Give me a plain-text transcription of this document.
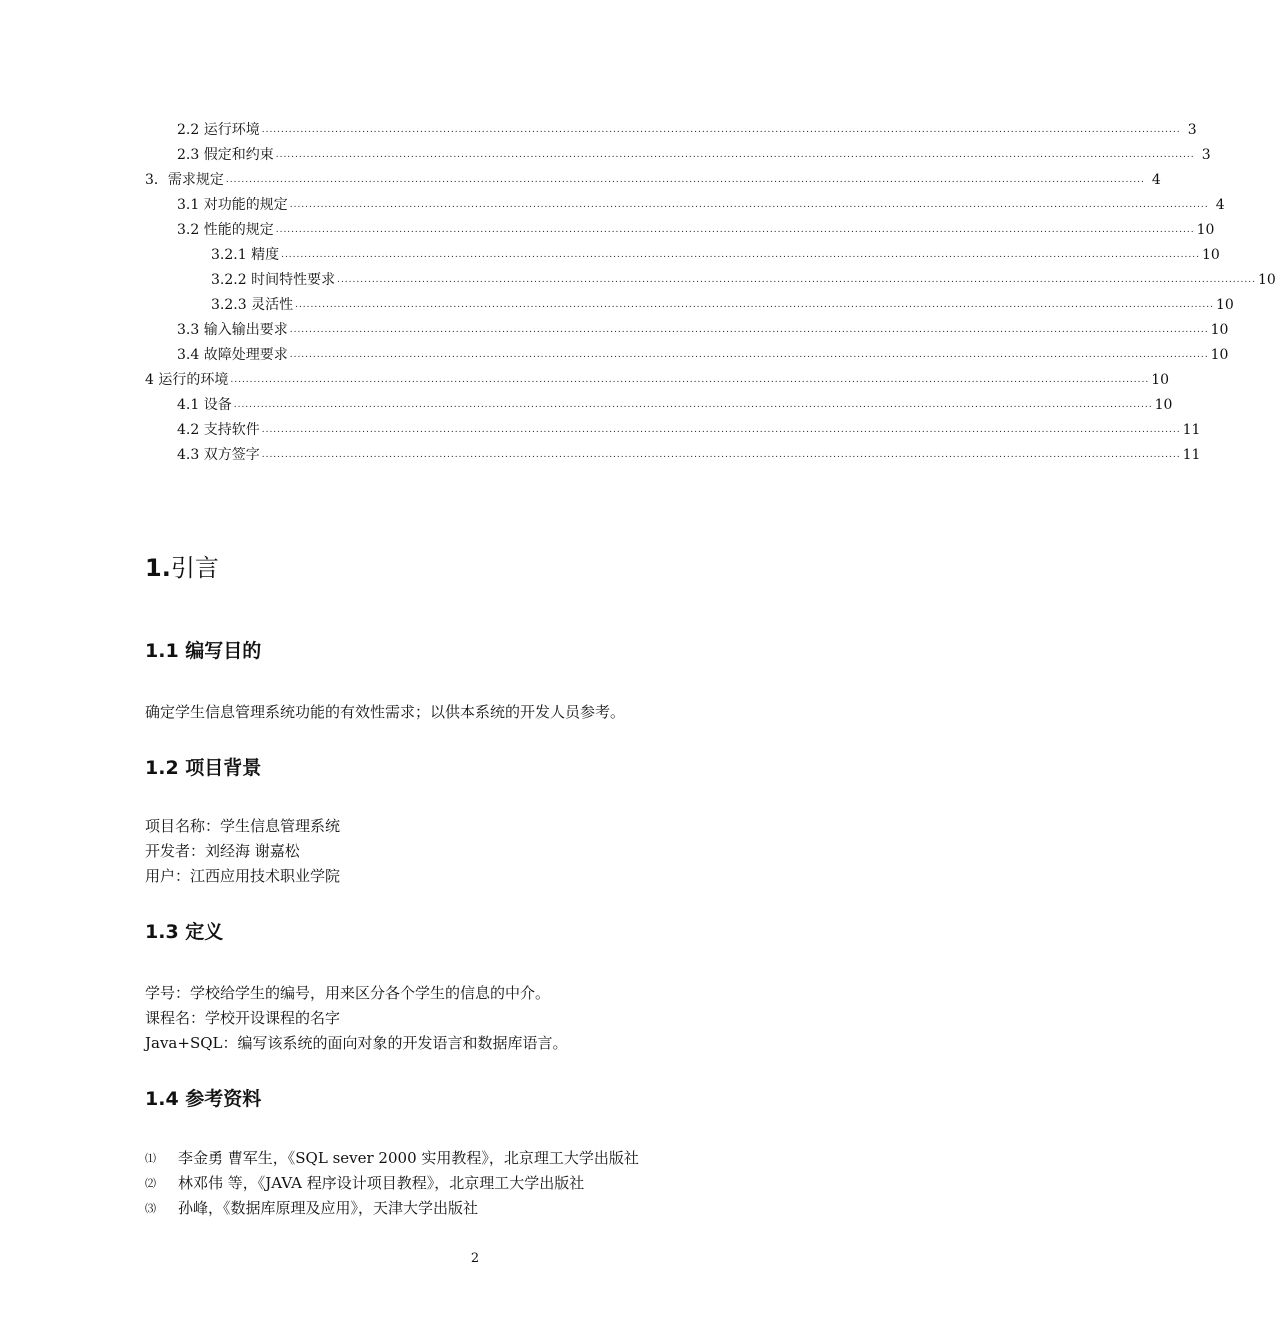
2.2 运行环境 .............................................................................................................................................................................................................................................. 3
2.3 假定和约束 .............................................................................................................................................................................................................................................. 3
3．需求规定 .............................................................................................................................................................................................................................................. 4
3.1 对功能的规定 .............................................................................................................................................................................................................................................. 4
3.2 性能的规定 .............................................................................................................................................................................................................................................. 10
3.2.1 精度 .............................................................................................................................................................................................................................................. 10
3.2.2 时间特性要求 .............................................................................................................................................................................................................................................. 10
3.2.3 灵活性 .............................................................................................................................................................................................................................................. 10
3.3 输入输出要求 .............................................................................................................................................................................................................................................. 10
3.4 故障处理要求 .............................................................................................................................................................................................................................................. 10
4 运行的环境 .............................................................................................................................................................................................................................................. 10
4.1 设备 .............................................................................................................................................................................................................................................. 10
4.2 支持软件 .............................................................................................................................................................................................................................................. 11
4.3 双方签字 .............................................................................................................................................................................................................................................. 11
1.引言
1.1 编写目的
确定学生信息管理系统功能的有效性需求；以供本系统的开发人员参考。
1.2 项目背景
项目名称：学生信息管理系统
开发者：刘经海 谢嘉松
用户：江西应用技术职业学院
1.3 定义
学号：学校给学生的编号，用来区分各个学生的信息的中介。
课程名：学校开设课程的名字
Java+SQL：编写该系统的面向对象的开发语言和数据库语言。
1.4 参考资料
⑴	李金勇 曹军生，《SQL sever 2000 实用教程》，北京理工大学出版社
⑵	林邓伟 等，《JAVA 程序设计项目教程》，北京理工大学出版社
⑶	孙峰，《数据库原理及应用》，天津大学出版社
2
